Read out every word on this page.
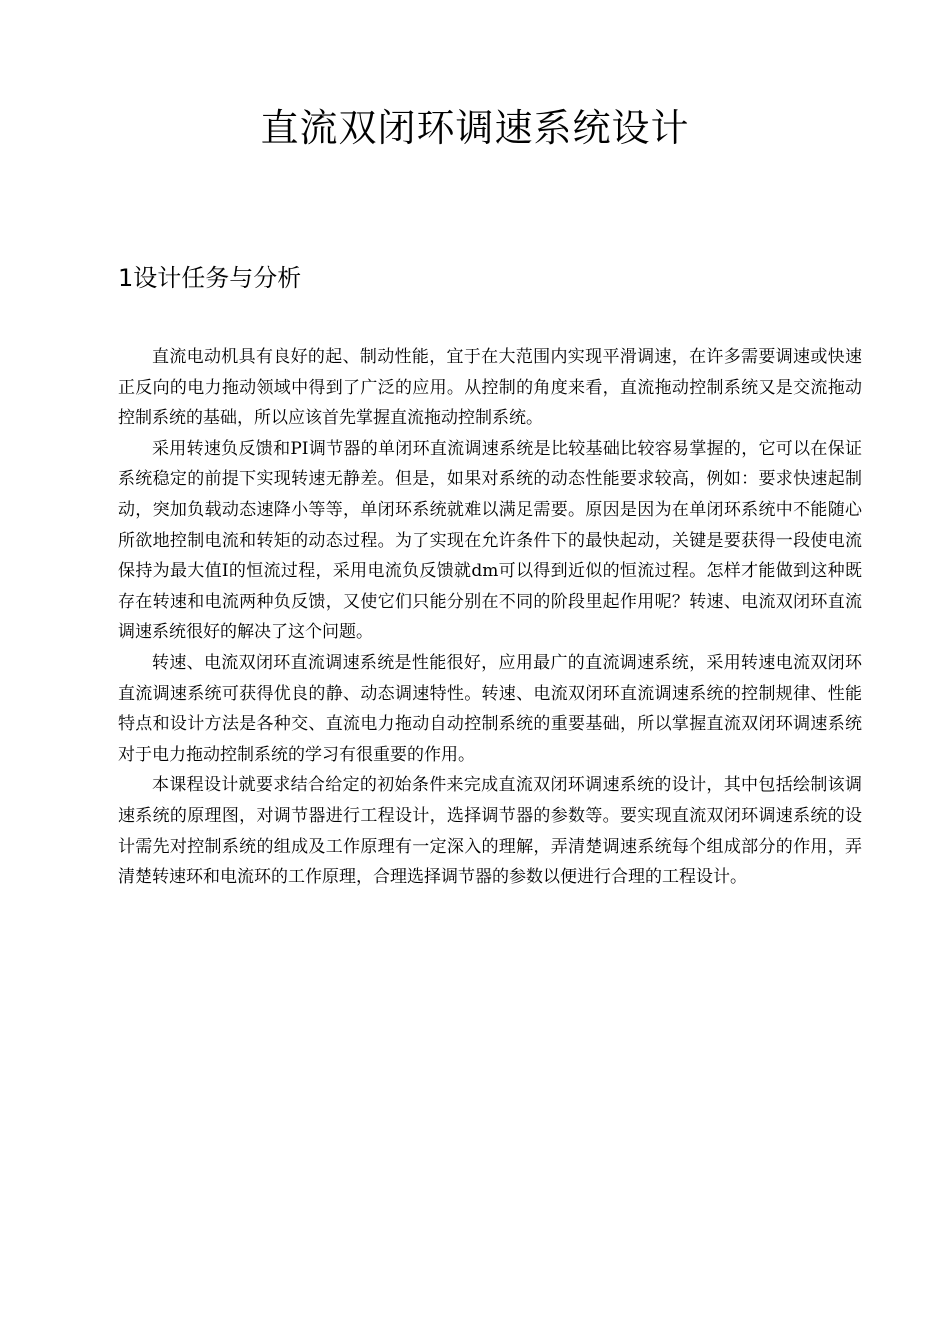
直流双闭环调速系统设计
1设计任务与分析

直流电动机具有良好的起、制动性能，宜于在大范围内实现平滑调速，在许多需要调速或快速正反向的电力拖动领域中得到了广泛的应用。从控制的角度来看，直流拖动控制系统又是交流拖动控制系统的基础，所以应该首先掌握直流拖动控制系统。

采用转速负反馈和PI调节器的单闭环直流调速系统是比较基础比较容易掌握的，它可以在保证系统稳定的前提下实现转速无静差。但是，如果对系统的动态性能要求较高，例如：要求快速起制动，突加负载动态速降小等等，单闭环系统就难以满足需要。原因是因为在单闭环系统中不能随心所欲地控制电流和转矩的动态过程。为了实现在允许条件下的最快起动，关键是要获得一段使电流保持为最大值I的恒流过程，采用电流负反馈就dm可以得到近似的恒流过程。怎样才能做到这种既存在转速和电流两种负反馈，又使它们只能分别在不同的阶段里起作用呢？转速、电流双闭环直流调速系统很好的解决了这个问题。

转速、电流双闭环直流调速系统是性能很好，应用最广的直流调速系统，采用转速电流双闭环直流调速系统可获得优良的静、动态调速特性。转速、电流双闭环直流调速系统的控制规律、性能特点和设计方法是各种交、直流电力拖动自动控制系统的重要基础，所以掌握直流双闭环调速系统对于电力拖动控制系统的学习有很重要的作用。

本课程设计就要求结合给定的初始条件来完成直流双闭环调速系统的设计，其中包括绘制该调速系统的原理图，对调节器进行工程设计，选择调节器的参数等。要实现直流双闭环调速系统的设计需先对控制系统的组成及工作原理有一定深入的理解，弄清楚调速系统每个组成部分的作用，弄清楚转速环和电流环的工作原理，合理选择调节器的参数以便进行合理的工程设计。
